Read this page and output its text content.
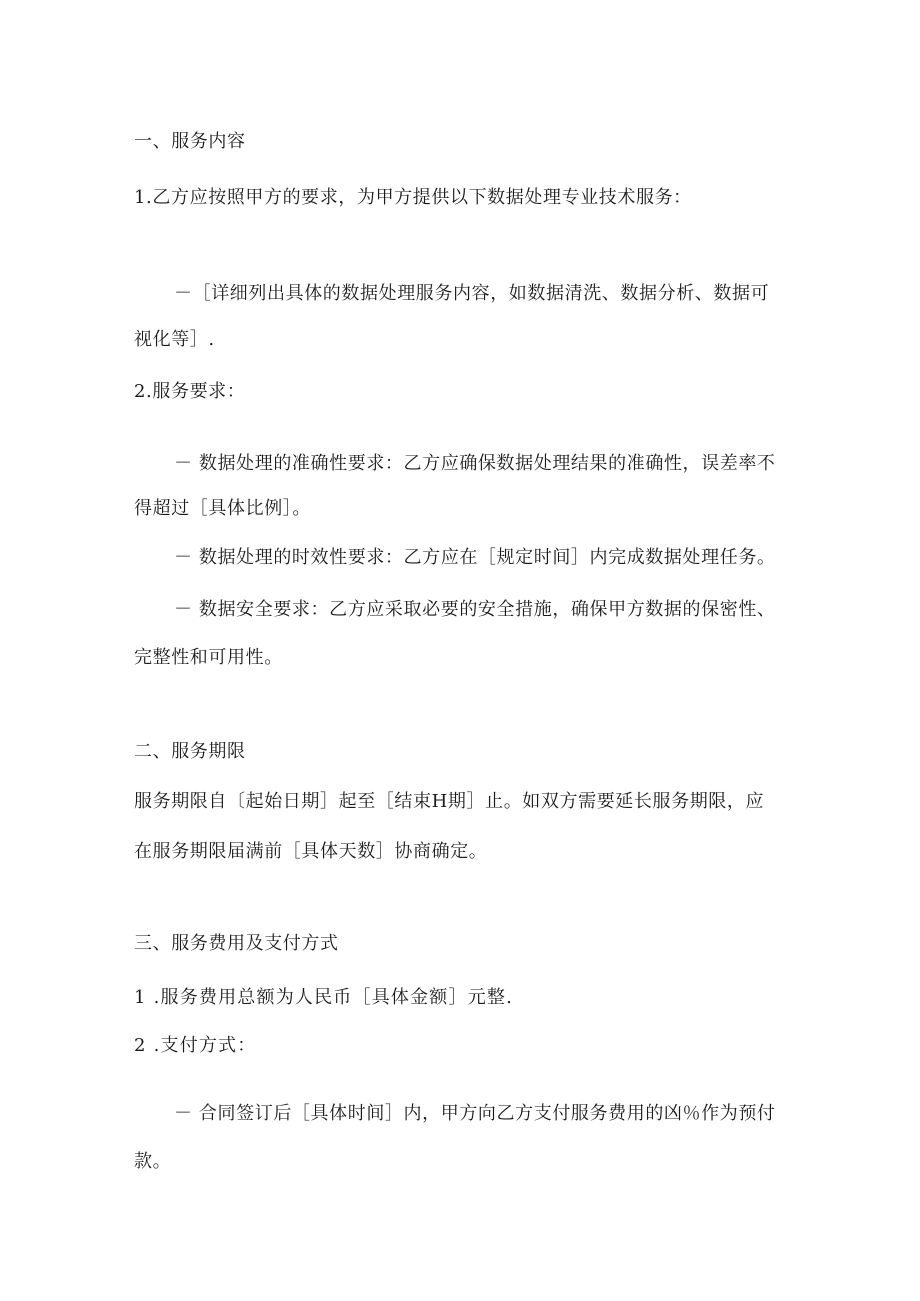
一、服务内容
1.乙方应按照甲方的要求，为甲方提供以下数据处理专业技术服务：
－［详细列出具体的数据处理服务内容，如数据清洗、数据分析、数据可
视化等］.
2.服务要求：
－ 数据处理的准确性要求：乙方应确保数据处理结果的准确性，误差率不
得超过［具体比例］。
－ 数据处理的时效性要求：乙方应在［规定时间］内完成数据处理任务。
－ 数据安全要求：乙方应采取必要的安全措施，确保甲方数据的保密性、
完整性和可用性。
二、服务期限
服务期限自〔起始日期］起至［结束H期］止。如双方需要延长服务期限，应
在服务期限届满前［具体天数］协商确定。
三、服务费用及支付方式
1 .服务费用总额为人民币［具体金额］元整.
2 .支付方式：
－ 合同签订后［具体时间］内，甲方向乙方支付服务费用的凶％作为预付
款。
